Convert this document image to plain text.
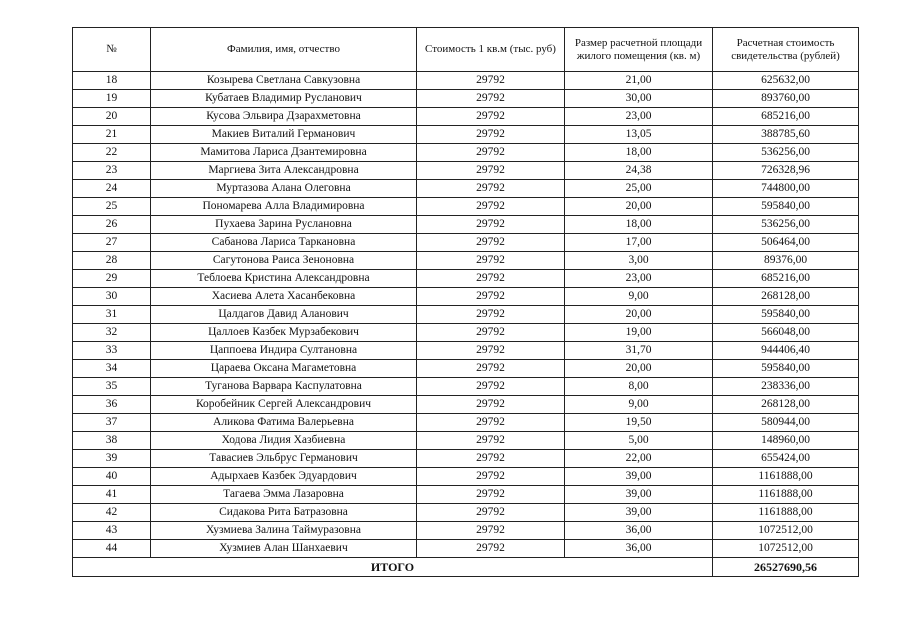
№	Фамилия, имя, отчество	Стоимость 1 кв.м (тыс. руб)	Размер расчетной площади жилого помещения (кв. м)	Расчетная стоимость свидетельства (рублей)
18	Козырева Светлана Савкузовна	29792	21,00	625632,00
19	Кубатаев Владимир Русланович	29792	30,00	893760,00
20	Кусова Эльвира Дзарахметовна	29792	23,00	685216,00
21	Макиев Виталий Германович	29792	13,05	388785,60
22	Мамитова Лариса Дзантемировна	29792	18,00	536256,00
23	Маргиева Зита Александровна	29792	24,38	726328,96
24	Муртазова Алана Олеговна	29792	25,00	744800,00
25	Пономарева Алла Владимировна	29792	20,00	595840,00
26	Пухаева Зарина Руслановна	29792	18,00	536256,00
27	Сабанова Лариса Таркановна	29792	17,00	506464,00
28	Сагутонова Раиса Зеноновна	29792	3,00	89376,00
29	Теблоева Кристина Александровна	29792	23,00	685216,00
30	Хасиева Алета Хасанбековна	29792	9,00	268128,00
31	Цалдагов Давид Аланович	29792	20,00	595840,00
32	Цаллоев Казбек Мурзабекович	29792	19,00	566048,00
33	Цаппоева Индира Султановна	29792	31,70	944406,40
34	Цараева Оксана Магаметовна	29792	20,00	595840,00
35	Туганова Варвара Каспулатовна	29792	8,00	238336,00
36	Коробейник Сергей Александрович	29792	9,00	268128,00
37	Аликова Фатима Валерьевна	29792	19,50	580944,00
38	Ходова Лидия Хазбиевна	29792	5,00	148960,00
39	Тавасиев Эльбрус Германович	29792	22,00	655424,00
40	Адырхаев Казбек Эдуардович	29792	39,00	1161888,00
41	Тагаева Эмма Лазаровна	29792	39,00	1161888,00
42	Сидакова Рита Батразовна	29792	39,00	1161888,00
43	Хузмиева Залина Таймуразовна	29792	36,00	1072512,00
44	Хузмиев Алан Шанхаевич	29792	36,00	1072512,00
ИТОГО				26527690,56
